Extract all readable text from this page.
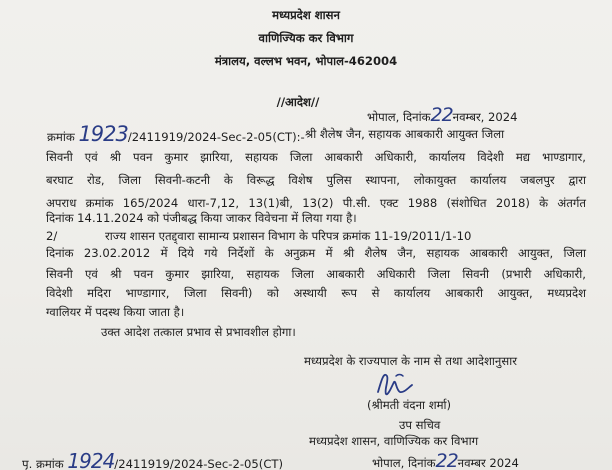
मध्यप्रदेश शासन
वाणिज्यिक कर विभाग
मंत्रालय, वल्लभ भवन, भोपाल-462004
//आदेश//
भोपाल, दिनांक22नवम्बर, 2024
क्रमांक 1923/2411919/2024-Sec-2-05(CT):- श्री शैलेष जैन, सहायक आबकारी आयुक्त जिला
सिवनी एवं श्री पवन कुमार झारिया, सहायक जिला आबकारी अधिकारी, कार्यालय विदेशी मद्य भाण्डागार,
बरघाट रोड, जिला सिवनी-कटनी के विरूद्ध विशेष पुलिस स्थापना, लोकायुक्त कार्यालय जबलपुर द्वारा
अपराध क्रमांक 165/2024 धारा-7,12, 13(1)बी, 13(2) पी.सी. एक्ट 1988 (संशोधित 2018) के अंतर्गत
दिनांक 14.11.2024 को पंजीबद्ध किया जाकर विवेचना में लिया गया है।
2/	राज्य शासन एतद्द्वारा सामान्य प्रशासन विभाग के परिपत्र क्रमांक 11-19/2011/1-10
दिनांक 23.02.2012 में दिये गये निर्देशों के अनुक्रम में श्री शैलेष जैन, सहायक आबकारी आयुक्त, जिला
सिवनी एवं श्री पवन कुमार झारिया, सहायक जिला आबकारी अधिकारी जिला सिवनी (प्रभारी अधिकारी,
विदेशी मदिरा भाण्डागार, जिला सिवनी) को अस्थायी रूप से कार्यालय आबकारी आयुक्त, मध्यप्रदेश
ग्वालियर में पदस्थ किया जाता है।
उक्त आदेश तत्काल प्रभाव से प्रभावशील होगा।
मध्यप्रदेश के राज्यपाल के नाम से तथा आदेशानुसार
(श्रीमती वंदना शर्मा)
उप सचिव
मध्यप्रदेश शासन, वाणिज्यिक कर विभाग
पृ. क्रमांक 1924/2411919/2024-Sec-2-05(CT)	भोपाल, दिनांक22नवम्बर 2024
